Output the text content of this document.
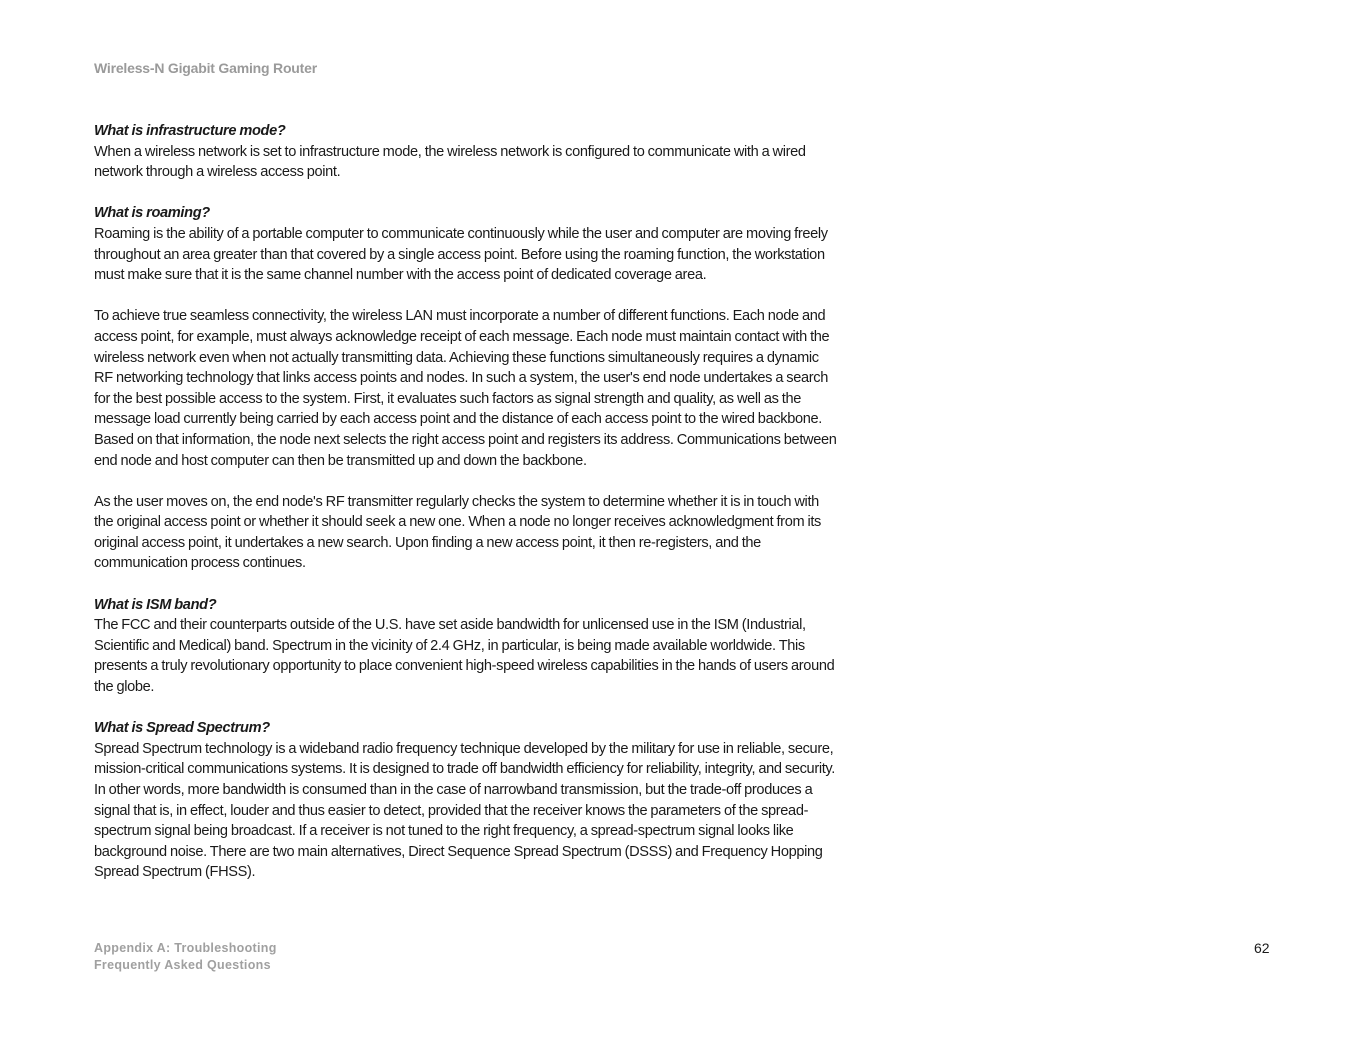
Wireless-N Gigabit Gaming Router

What is infrastructure mode?

When a wireless network is set to infrastructure mode, the wireless network is configured to communicate with a wired network through a wireless access point.

What is roaming?

Roaming is the ability of a portable computer to communicate continuously while the user and computer are moving freely throughout an area greater than that covered by a single access point. Before using the roaming function, the workstation must make sure that it is the same channel number with the access point of dedicated coverage area.

To achieve true seamless connectivity, the wireless LAN must incorporate a number of different functions. Each node and access point, for example, must always acknowledge receipt of each message. Each node must maintain contact with the wireless network even when not actually transmitting data. Achieving these functions simultaneously requires a dynamic RF networking technology that links access points and nodes. In such a system, the user's end node undertakes a search for the best possible access to the system. First, it evaluates such factors as signal strength and quality, as well as the message load currently being carried by each access point and the distance of each access point to the wired backbone. Based on that information, the node next selects the right access point and registers its address. Communications between end node and host computer can then be transmitted up and down the backbone.

As the user moves on, the end node's RF transmitter regularly checks the system to determine whether it is in touch with the original access point or whether it should seek a new one. When a node no longer receives acknowledgment from its original access point, it undertakes a new search. Upon finding a new access point, it then re-registers, and the communication process continues.

What is ISM band?

The FCC and their counterparts outside of the U.S. have set aside bandwidth for unlicensed use in the ISM (Industrial, Scientific and Medical) band. Spectrum in the vicinity of 2.4 GHz, in particular, is being made available worldwide. This presents a truly revolutionary opportunity to place convenient high-speed wireless capabilities in the hands of users around the globe.

What is Spread Spectrum?

Spread Spectrum technology is a wideband radio frequency technique developed by the military for use in reliable, secure, mission-critical communications systems. It is designed to trade off bandwidth efficiency for reliability, integrity, and security. In other words, more bandwidth is consumed than in the case of narrowband transmission, but the trade-off produces a signal that is, in effect, louder and thus easier to detect, provided that the receiver knows the parameters of the spread-spectrum signal being broadcast. If a receiver is not tuned to the right frequency, a spread-spectrum signal looks like background noise. There are two main alternatives, Direct Sequence Spread Spectrum (DSSS) and Frequency Hopping Spread Spectrum (FHSS).

Appendix A: Troubleshooting
Frequently Asked Questions
62
